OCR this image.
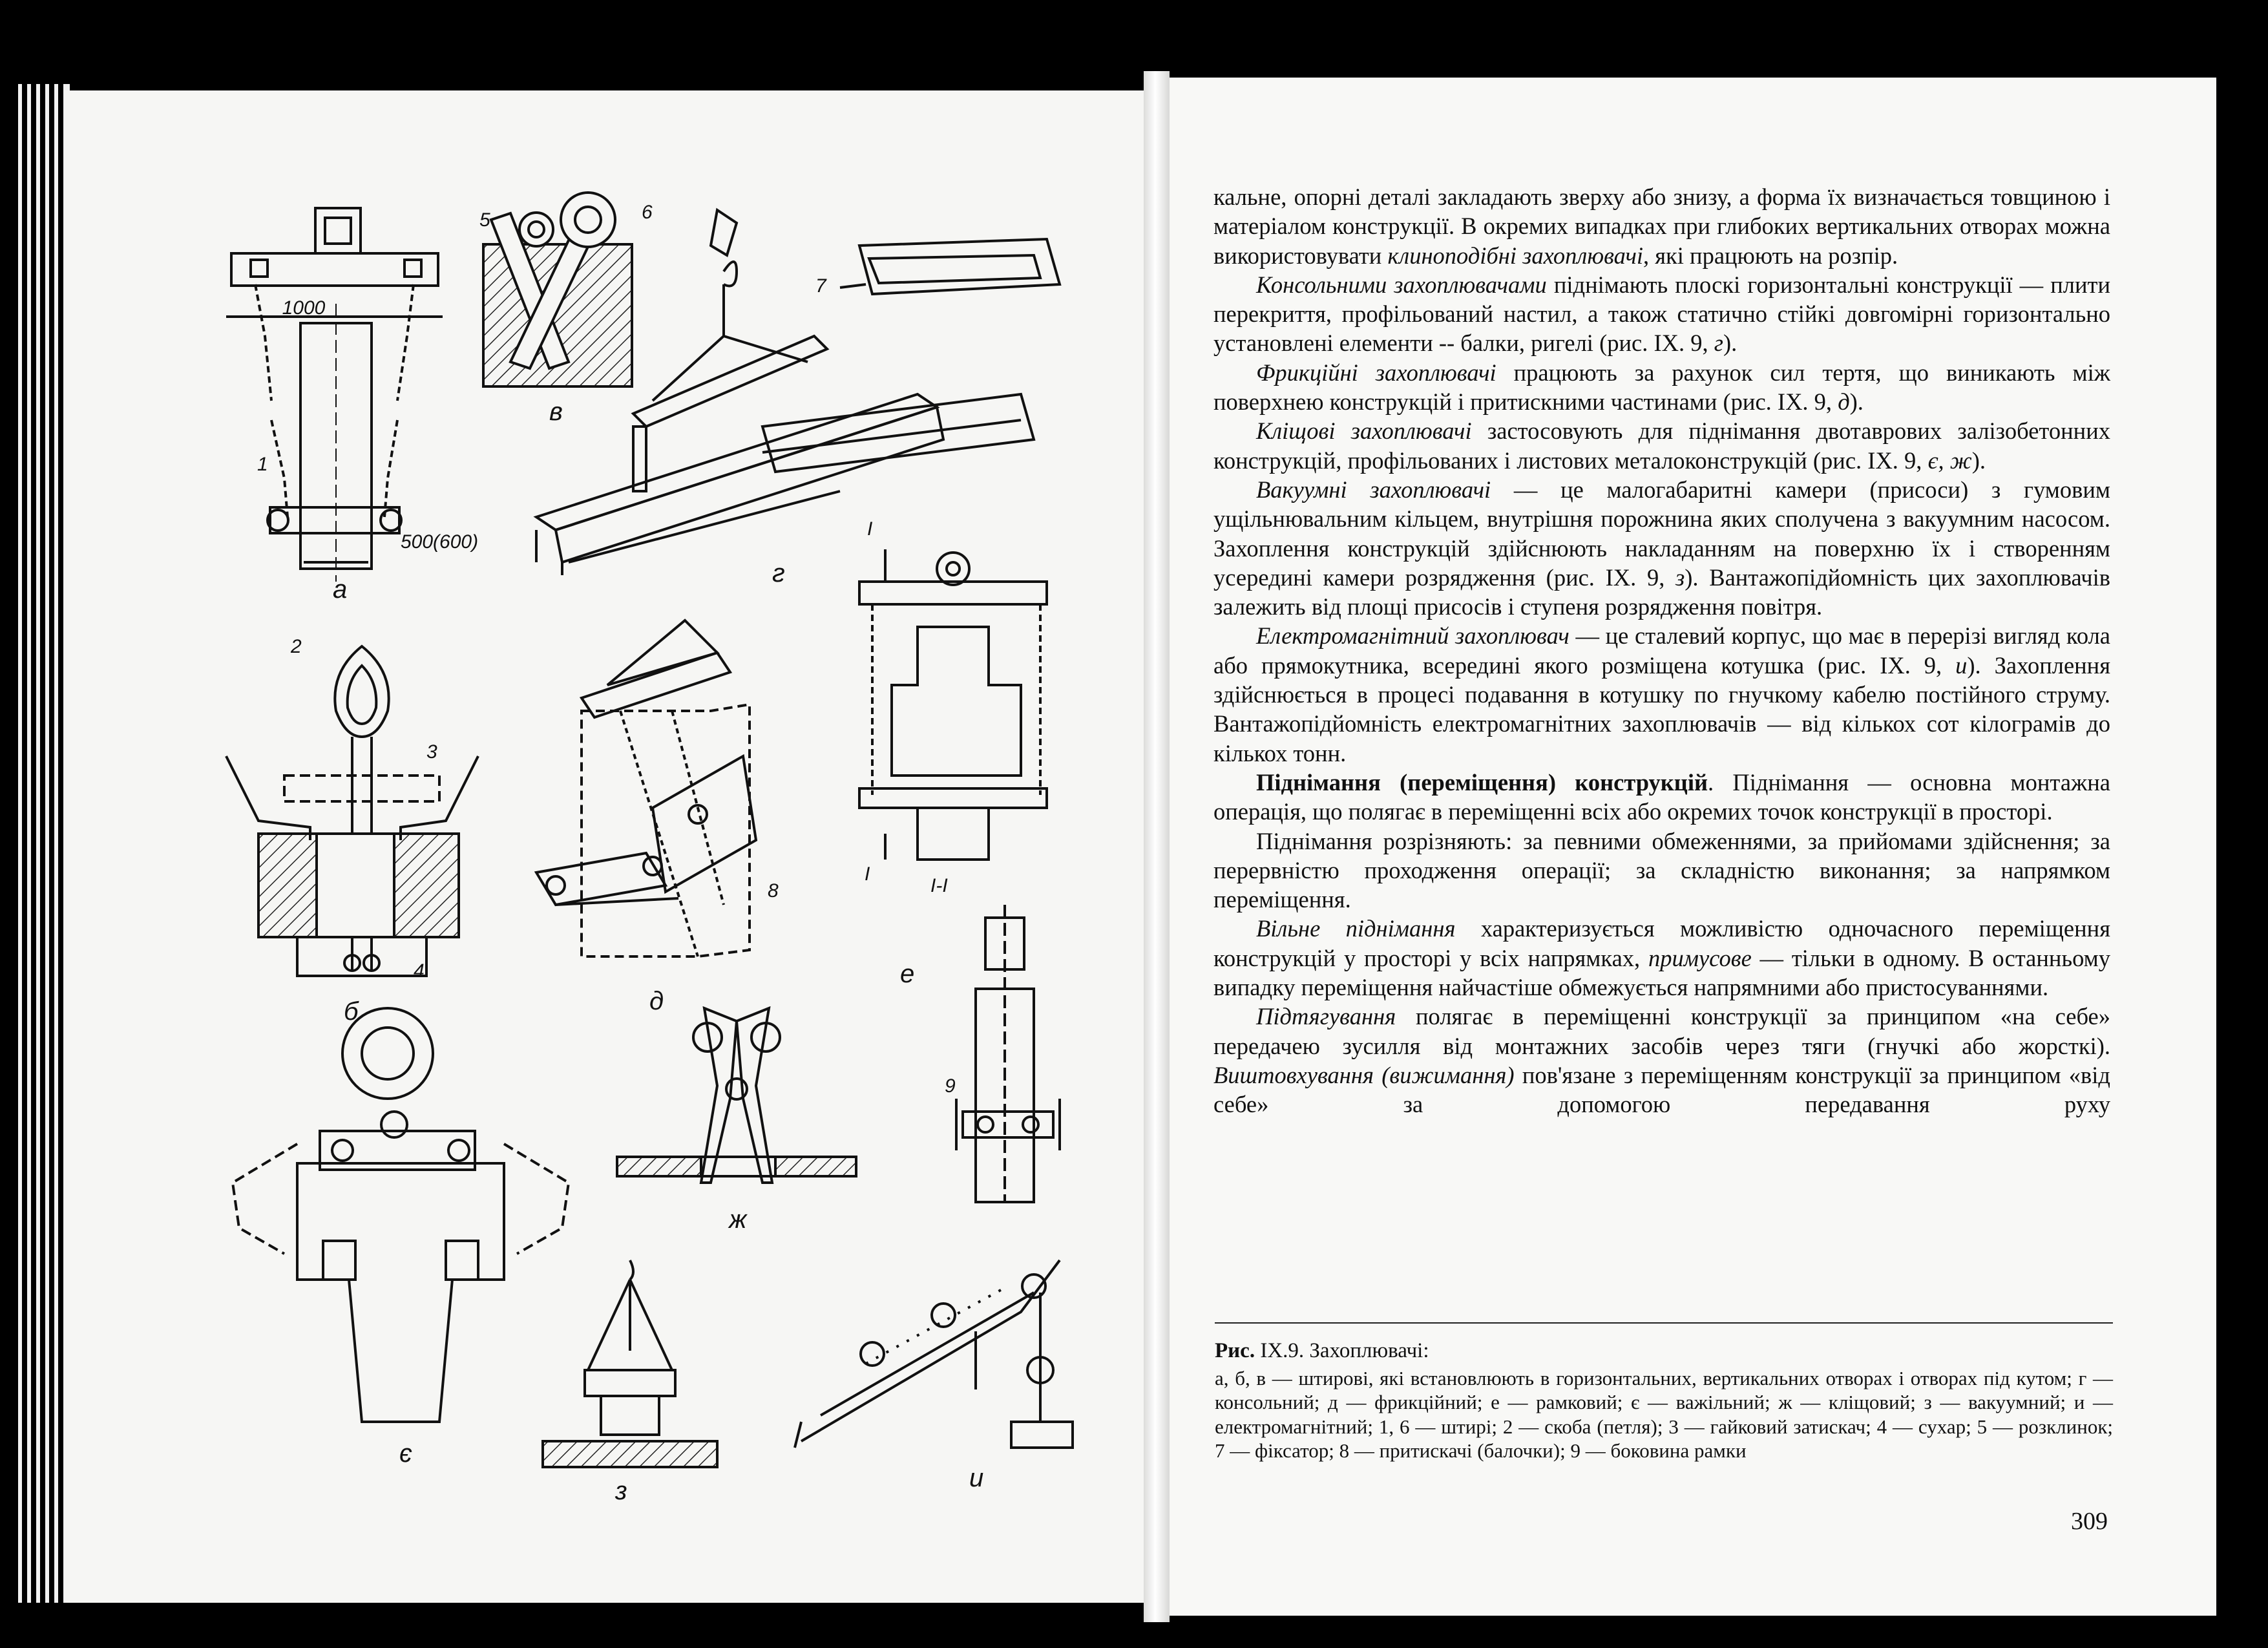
1000
500(600)
а
в
г
б	д
е
є
ж
з	и
1
2
3
4
5	6
7
8
9
І
І
І-І

кальне, опорні деталі закладають зверху або знизу, а форма їх визначається товщиною і матеріалом конструкції. В окремих випадках при глибоких вертикальних отворах можна використовувати клиноподібні захоплювачі, які працюють на розпір.

Консольними захоплювачами піднімають плоскі горизонтальні конструкції — плити перекриття, профільований настил, а також статично стійкі довгомірні горизонтально установлені елементи -- балки, ригелі (рис. IX. 9, г).

Фрикційні захоплювачі працюють за рахунок сил тертя, що виникають між поверхнею конструкцій і притискними частинами (рис. IX. 9, д).

Кліщові захоплювачі застосовують для піднімання двотаврових залізобетонних конструкцій, профільованих і листових металоконструкцій (рис. IX. 9, є, ж).

Вакуумні захоплювачі — це малогабаритні камери (присоси) з гумовим ущільнювальним кільцем, внутрішня порожнина яких сполучена з вакуумним насосом. Захоплення конструкцій здійснюють накладанням на поверхню їх і створенням усередині камери розрядження (рис. IX. 9, з). Вантажопідйомність цих захоплювачів залежить від площі присосів і ступеня розрядження повітря.

Електромагнітний захоплювач — це сталевий корпус, що має в перерізі вигляд кола або прямокутника, всередині якого розміщена котушка (рис. IX. 9, и). Захоплення здійснюється в процесі подавання в котушку по гнучкому кабелю постійного струму. Вантажопідйомність електромагнітних захоплювачів — від кількох сот кілограмів до кількох тонн.

Піднімання (переміщення) конструкцій. Піднімання — основна монтажна операція, що полягає в переміщенні всіх або окремих точок конструкції в просторі.

Піднімання розрізняють: за певними обмеженнями, за прийомами здійснення; за перервністю проходження операції; за складністю виконання; за напрямком переміщення.

Вільне піднімання характеризується можливістю одночасного переміщення конструкцій у просторі у всіх напрямках, примусове — тільки в одному. В останньому випадку переміщення найчастіше обмежується напрямними або пристосуваннями.

Підтягування полягає в переміщенні конструкції за принципом «на себе» передачею зусилля від монтажних засобів через тяги (гнучкі або жорсткі). Виштовхування (вижимання) пов'язане з переміщенням конструкції за принципом «від себе» за допомогою передавання руху

Рис. IX.9. Захоплювачі:

а, б, в — штирові, які встановлюють в горизонтальних, вертикальних отворах і отворах під кутом; г — консольний; д — фрикційний; е — рамковий; є — важільний; ж — кліщовий; з — вакуумний; и — електромагнітний; 1, 6 — штирі; 2 — скоба (петля); 3 — гайковий затискач; 4 — сухар; 5 — розклинок; 7 — фіксатор; 8 — притискачі (балочки); 9 — боковина рамки

309
